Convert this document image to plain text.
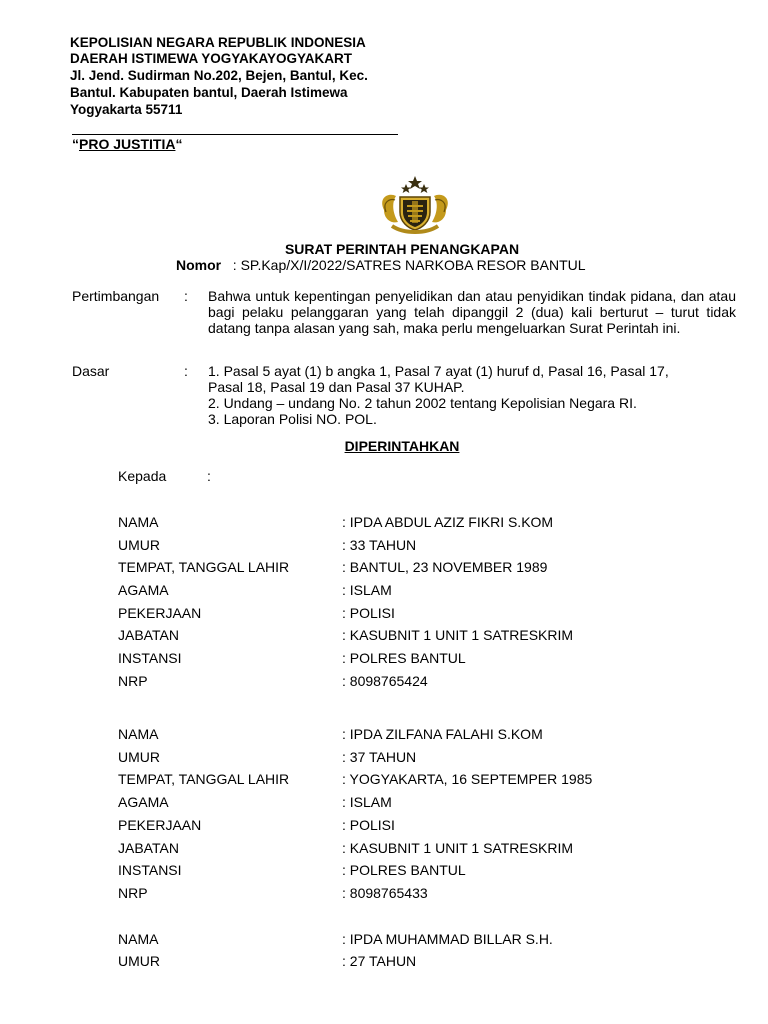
KEPOLISIAN NEGARA REPUBLIK INDONESIA
DAERAH ISTIMEWA YOGYAKAYOGYAKART
Jl. Jend. Sudirman No.202, Bejen, Bantul, Kec.
Bantul. Kabupaten bantul, Daerah Istimewa
Yogyakarta 55711
“PRO JUSTITIA“
SURAT PERINTAH PENANGKAPAN
Nomor : SP.Kap/X/I/2022/SATRES NARKOBA RESOR BANTUL
Pertimbangan : Bahwa untuk kepentingan penyelidikan dan atau penyidikan tindak pidana, dan atau bagi pelaku pelanggaran yang telah dipanggil 2 (dua) kali berturut – turut tidak datang tanpa alasan yang sah, maka perlu mengeluarkan Surat Perintah ini.
Dasar	: 1. Pasal 5 ayat (1) b angka 1, Pasal 7 ayat (1) huruf d, Pasal 16, Pasal 17,
Pasal 18, Pasal 19 dan Pasal 37 KUHAP.
2. Undang – undang No. 2 tahun 2002 tentang Kepolisian Negara RI.
3. Laporan Polisi NO. POL.
DIPERINTAHKAN
Kepada	:
NAMA	: IPDA ABDUL AZIZ FIKRI S.KOM
UMUR	: 33 TAHUN
TEMPAT, TANGGAL LAHIR	: BANTUL, 23 NOVEMBER 1989
AGAMA	: ISLAM
PEKERJAAN	: POLISI
JABATAN	: KASUBNIT 1 UNIT 1 SATRESKRIM
INSTANSI	: POLRES BANTUL
NRP	: 8098765424
NAMA	: IPDA ZILFANA FALAHI S.KOM
UMUR	: 37 TAHUN
TEMPAT, TANGGAL LAHIR	: YOGYAKARTA, 16 SEPTEMPER 1985
AGAMA	: ISLAM
PEKERJAAN	: POLISI
JABATAN	: KASUBNIT 1 UNIT 1 SATRESKRIM
INSTANSI	: POLRES BANTUL
NRP	: 8098765433
NAMA	: IPDA MUHAMMAD BILLAR S.H.
UMUR	: 27 TAHUN
